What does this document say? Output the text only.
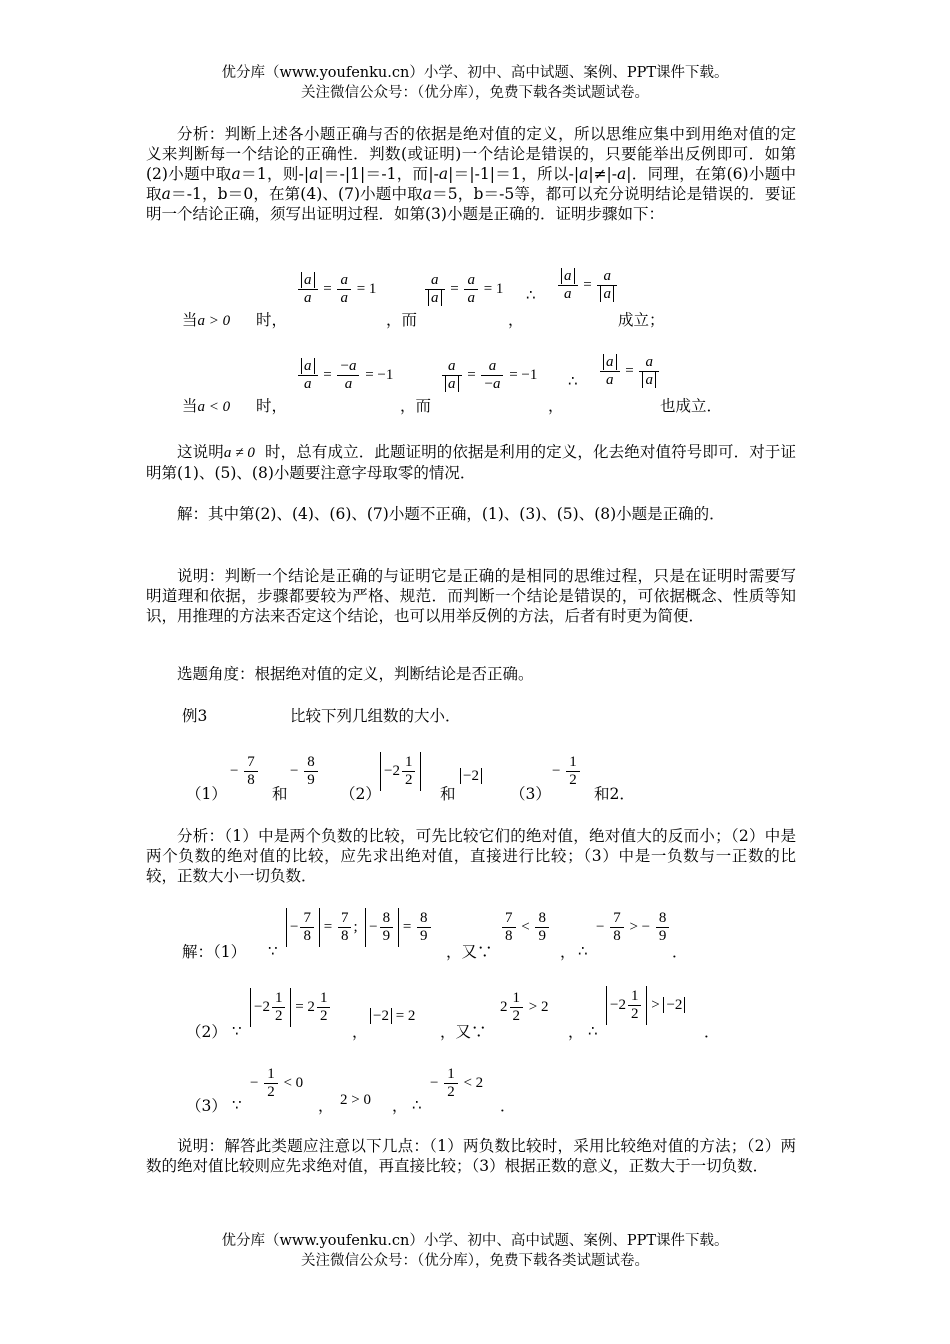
优分库（www.youfenku.cn）小学、初中、高中试题、案例、PPT课件下载。
关注微信公众号：（优分库），免费下载各类试题试卷。
分析：判断上述各小题正确与否的依据是绝对值的定义，所以思维应集中到用绝对值的定义来判断每一个结论的正确性．判数(或证明)一个结论是错误的，只要能举出反例即可．如第(2)小题中取a＝1，则-|a|＝-|1|＝-1，而|-a|＝|-1|＝1，所以-|a|≠|-a|．同理，在第(6)小题中取a＝-1，b＝0，在第(4)、(7)小题中取a＝5，b＝-5等，都可以充分说明结论是错误的．要证明一个结论正确，须写出证明过程．如第(3)小题是正确的．证明步骤如下：
当a > 0 时，
$\frac{a}{a} = \frac{a}{a} = 1$
，而
$\frac{a}{a} = \frac{a}{a} = 1$
，
∴ $\frac{a}{a} = \frac{a}{a}$
成立；
当a < 0 时，
$\frac{a}{a} = \frac{-a}{a} = -1$
，而
$\frac{a}{a} = \frac{a}{-a} = -1$
，
∴ $\frac{a}{a} = \frac{a}{a}$
也成立．
这说明a ≠ 0 时，总有成立．此题证明的依据是利用的定义，化去绝对值符号即可．对于证明第(1)、(5)、(8)小题要注意字母取零的情况．
解：其中第(2)、(4)、(6)、(7)小题不正确，(1)、(3)、(5)、(8)小题是正确的．
说明：判断一个结论是正确的与证明它是正确的是相同的思维过程，只是在证明时需要写明道理和依据，步骤都要较为严格、规范．而判断一个结论是错误的，可依据概念、性质等知识，用推理的方法来否定这个结论，也可以用举反例的方法，后者有时更为简便．
选题角度：根据绝对值的定义，判断结论是否正确。
例3	比较下列几组数的大小．
（1）
− $\frac{7}{8}$
和
− $\frac{8}{9}$
（2）
$-2 \frac{1}{2}$
和
−2
（3）
− $\frac{1}{2}$
和2．
分析：（1）中是两个负数的比较，可先比较它们的绝对值，绝对值大的反而小；（2）中是两个负数的绝对值的比较，应先求出绝对值，直接进行比较；（3）中是一负数与一正数的比较，正数大小一切负数．
解：（1） ∵
− $\frac{7}{8} = \frac{7}{8}$ ;  − $\frac{8}{9} = \frac{8}{9}$
，又∵
$\frac{7}{8} < \frac{8}{9}$
， ∴
− $\frac{7}{8}$ > − $\frac{8}{9}$
．
（2） ∵
$-2 \frac{1}{2} = 2 \frac{1}{2}$
，
−2 = 2
，又∵
$2 \frac{1}{2} > 2$
， ∴
$-2 \frac{1}{2} > -2$
．
（3） ∵
− $\frac{1}{2} < 0$
， 2 > 0 ， ∴
− $\frac{1}{2} < 2$
．
说明：解答此类题应注意以下几点：（1）两负数比较时，采用比较绝对值的方法；（2）两数的绝对值比较则应先求绝对值，再直接比较；（3）根据正数的意义，正数大于一切负数．
优分库（www.youfenku.cn）小学、初中、高中试题、案例、PPT课件下载。
关注微信公众号：（优分库），免费下载各类试题试卷。
